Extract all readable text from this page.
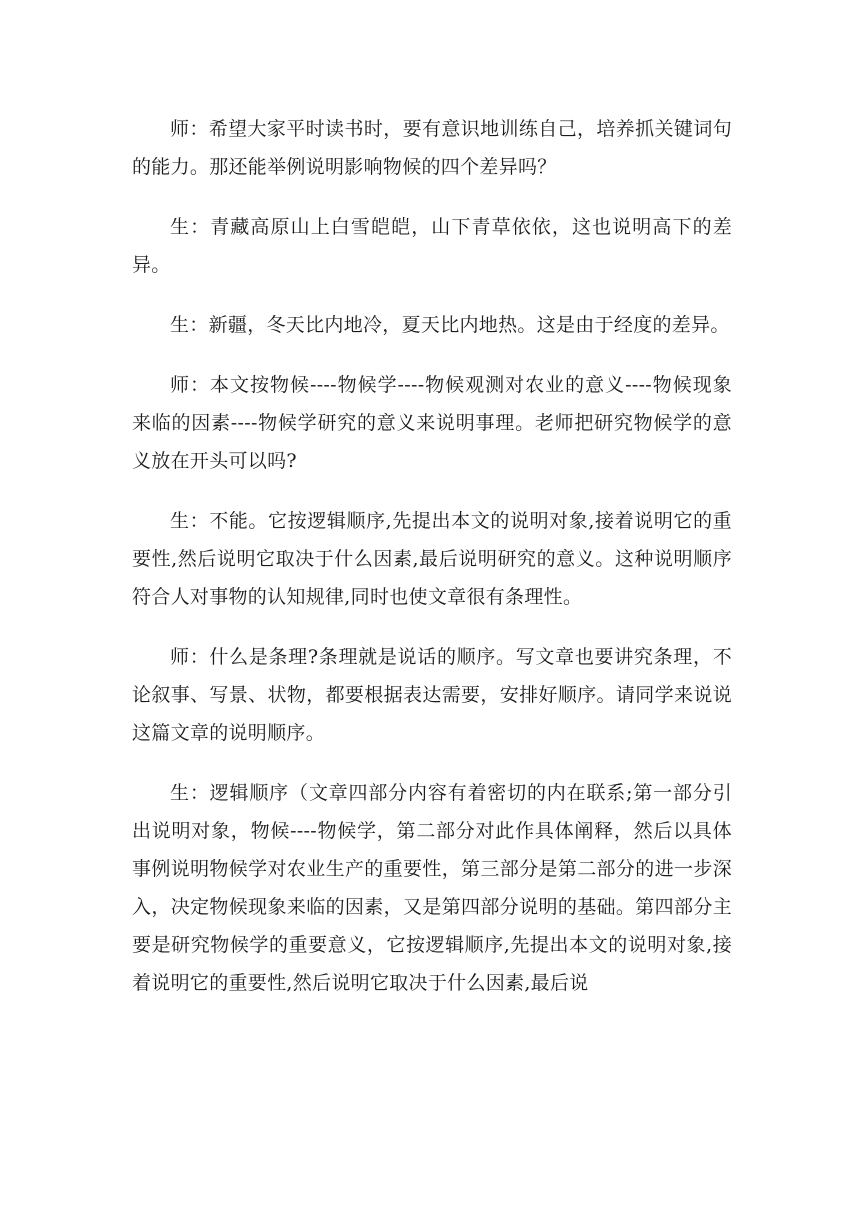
师：希望大家平时读书时，要有意识地训练自己，培养抓关键词句的能力。那还能举例说明影响物候的四个差异吗？

生：青藏高原山上白雪皑皑，山下青草依依，这也说明高下的差异。

生：新疆，冬天比内地冷，夏天比内地热。这是由于经度的差异。

师：本文按物候----物候学----物候观测对农业的意义----物候现象来临的因素----物候学研究的意义来说明事理。老师把研究物候学的意义放在开头可以吗?

生：不能。它按逻辑顺序,先提出本文的说明对象,接着说明它的重要性,然后说明它取决于什么因素,最后说明研究的意义。这种说明顺序符合人对事物的认知规律,同时也使文章很有条理性。

师：什么是条理?条理就是说话的顺序。写文章也要讲究条理，不论叙事、写景、状物，都要根据表达需要，安排好顺序。请同学来说说这篇文章的说明顺序。

生：逻辑顺序（文章四部分内容有着密切的内在联系;第一部分引出说明对象，物候----物候学，第二部分对此作具体阐释，然后以具体事例说明物候学对农业生产的重要性，第三部分是第二部分的进一步深入，决定物候现象来临的因素，又是第四部分说明的基础。第四部分主要是研究物候学的重要意义，它按逻辑顺序,先提出本文的说明对象,接着说明它的重要性,然后说明它取决于什么因素,最后说
